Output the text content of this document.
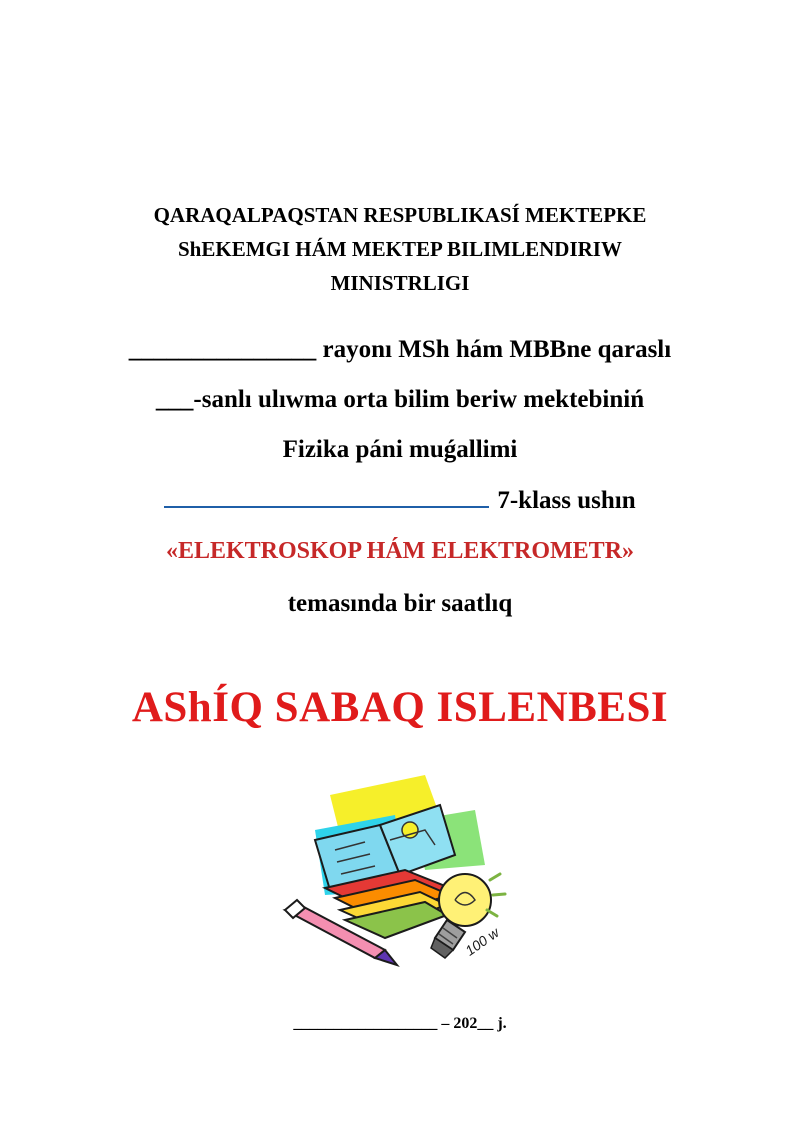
QARAQALPAQSTAN RESPUBLIKASÍ MEKTEPKE
ShEKEMGI HÁM MEKTEP BILIMLENDIRIW
MINISTRLIGI
_______________ rayonı MSh hám MBBne qaraslı
___-sanlı ulıwma orta bilim beriw mektebiniń
Fizika páni muǵallimi
7-klass ushın
«ELEKTROSKOP HÁM ELEKTROMETR»
temasında bir saatlıq
AShÍQ SABAQ ISLENBESI
100 w
__________________ – 202__ j.
